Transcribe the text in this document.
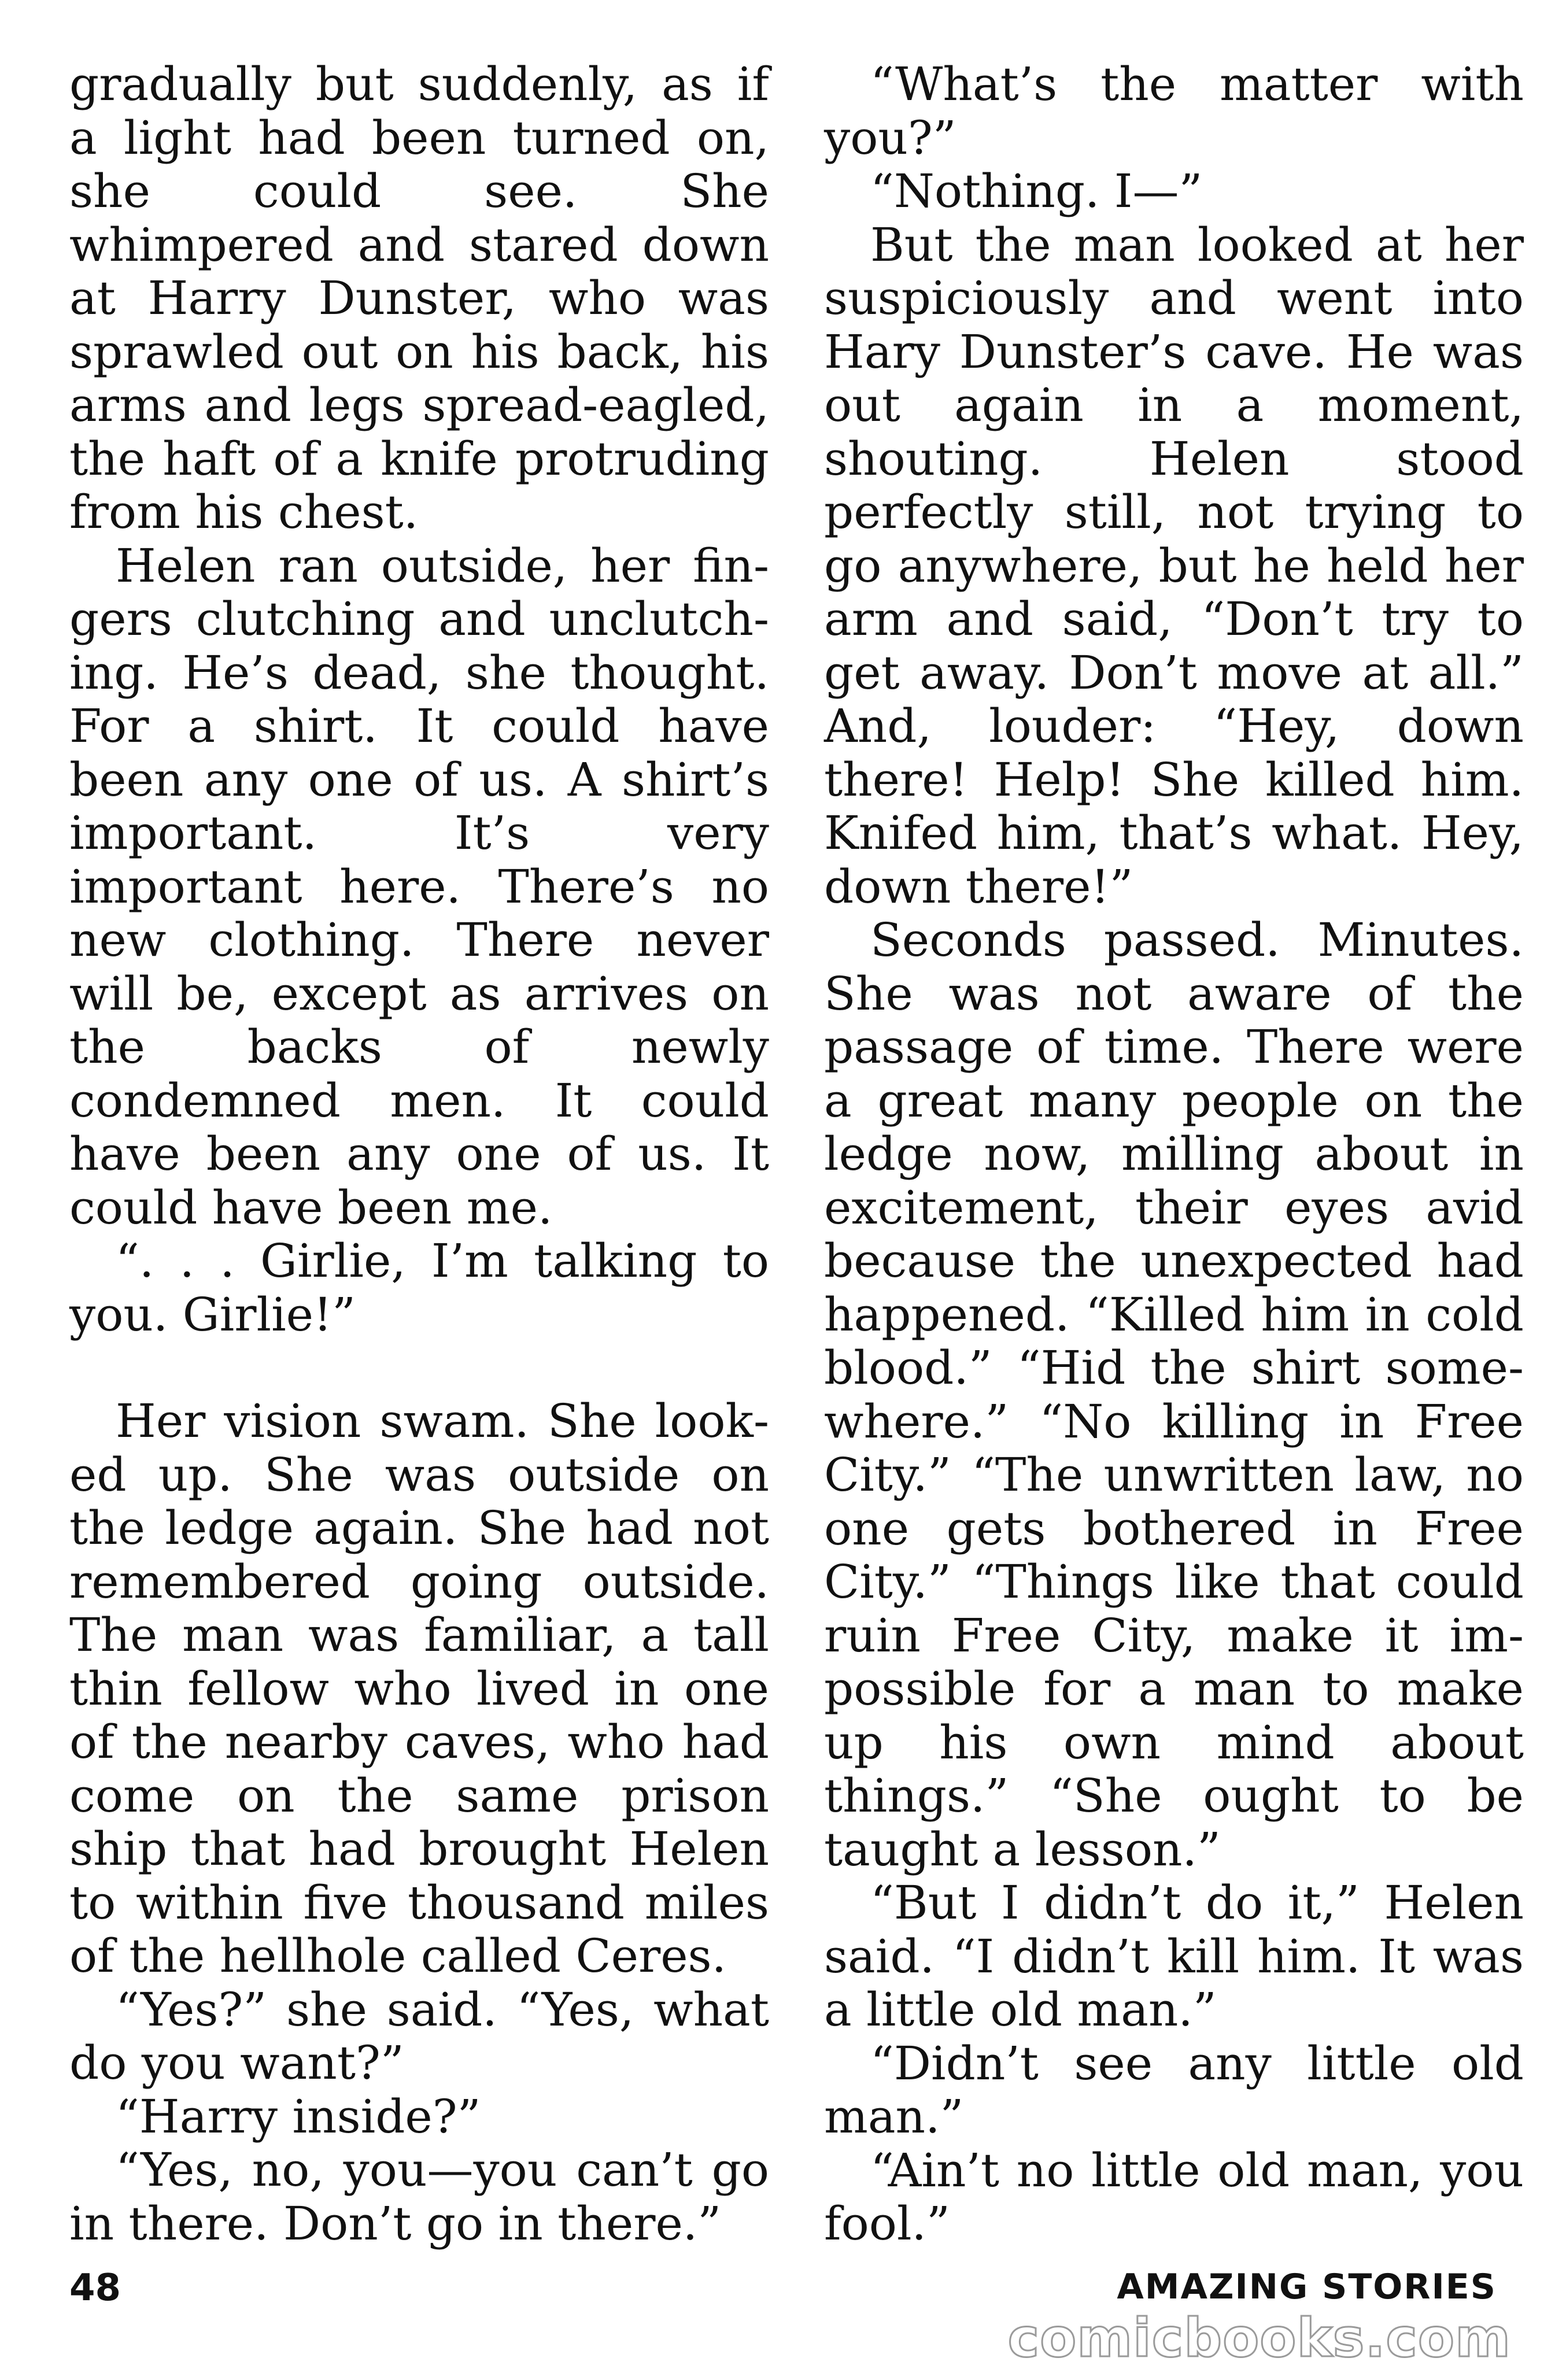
gradually but suddenly, as if a light had been turned on, she could see. She whimpered and stared down at Harry Dunster, who was sprawled out on his back, his arms and legs spread-eagled, the haft of a knife protruding from his chest.

Helen ran outside, her fingers clutching and unclutching. He’s dead, she thought. For a shirt. It could have been any one of us. A shirt’s important. It’s very important here. There’s no new clothing. There never will be, except as arrives on the backs of newly condemned men. It could have been any one of us. It could have been me.

“. . . Girlie, I’m talking to you. Girlie!”

Her vision swam. She looked up. She was outside on the ledge again. She had not remembered going outside. The man was familiar, a tall thin fellow who lived in one of the nearby caves, who had come on the same prison ship that had brought Helen to within five thousand miles of the hellhole called Ceres.

“Yes?” she said. “Yes, what do you want?”

“Harry inside?”

“Yes, no, you—you can’t go in there. Don’t go in there.”

“What’s the matter with you?”

“Nothing. I—”

But the man looked at her suspiciously and went into Hary Dunster’s cave. He was out again in a moment, shouting. Helen stood perfectly still, not trying to go anywhere, but he held her arm and said, “Don’t try to get away. Don’t move at all.” And, louder: “Hey, down there! Help! She killed him. Knifed him, that’s what. Hey, down there!”

Seconds passed. Minutes. She was not aware of the passage of time. There were a great many people on the ledge now, milling about in excitement, their eyes avid because the unexpected had happened. “Killed him in cold blood.” “Hid the shirt somewhere.” “No killing in Free City.” “The unwritten law, no one gets bothered in Free City.” “Things like that could ruin Free City, make it impossible for a man to make up his own mind about things.” “She ought to be taught a lesson.”

“But I didn’t do it,” Helen said. “I didn’t kill him. It was a little old man.”

“Didn’t see any little old man.”

“Ain’t no little old man, you fool.”

48	AMAZING STORIES
comicbooks.com
